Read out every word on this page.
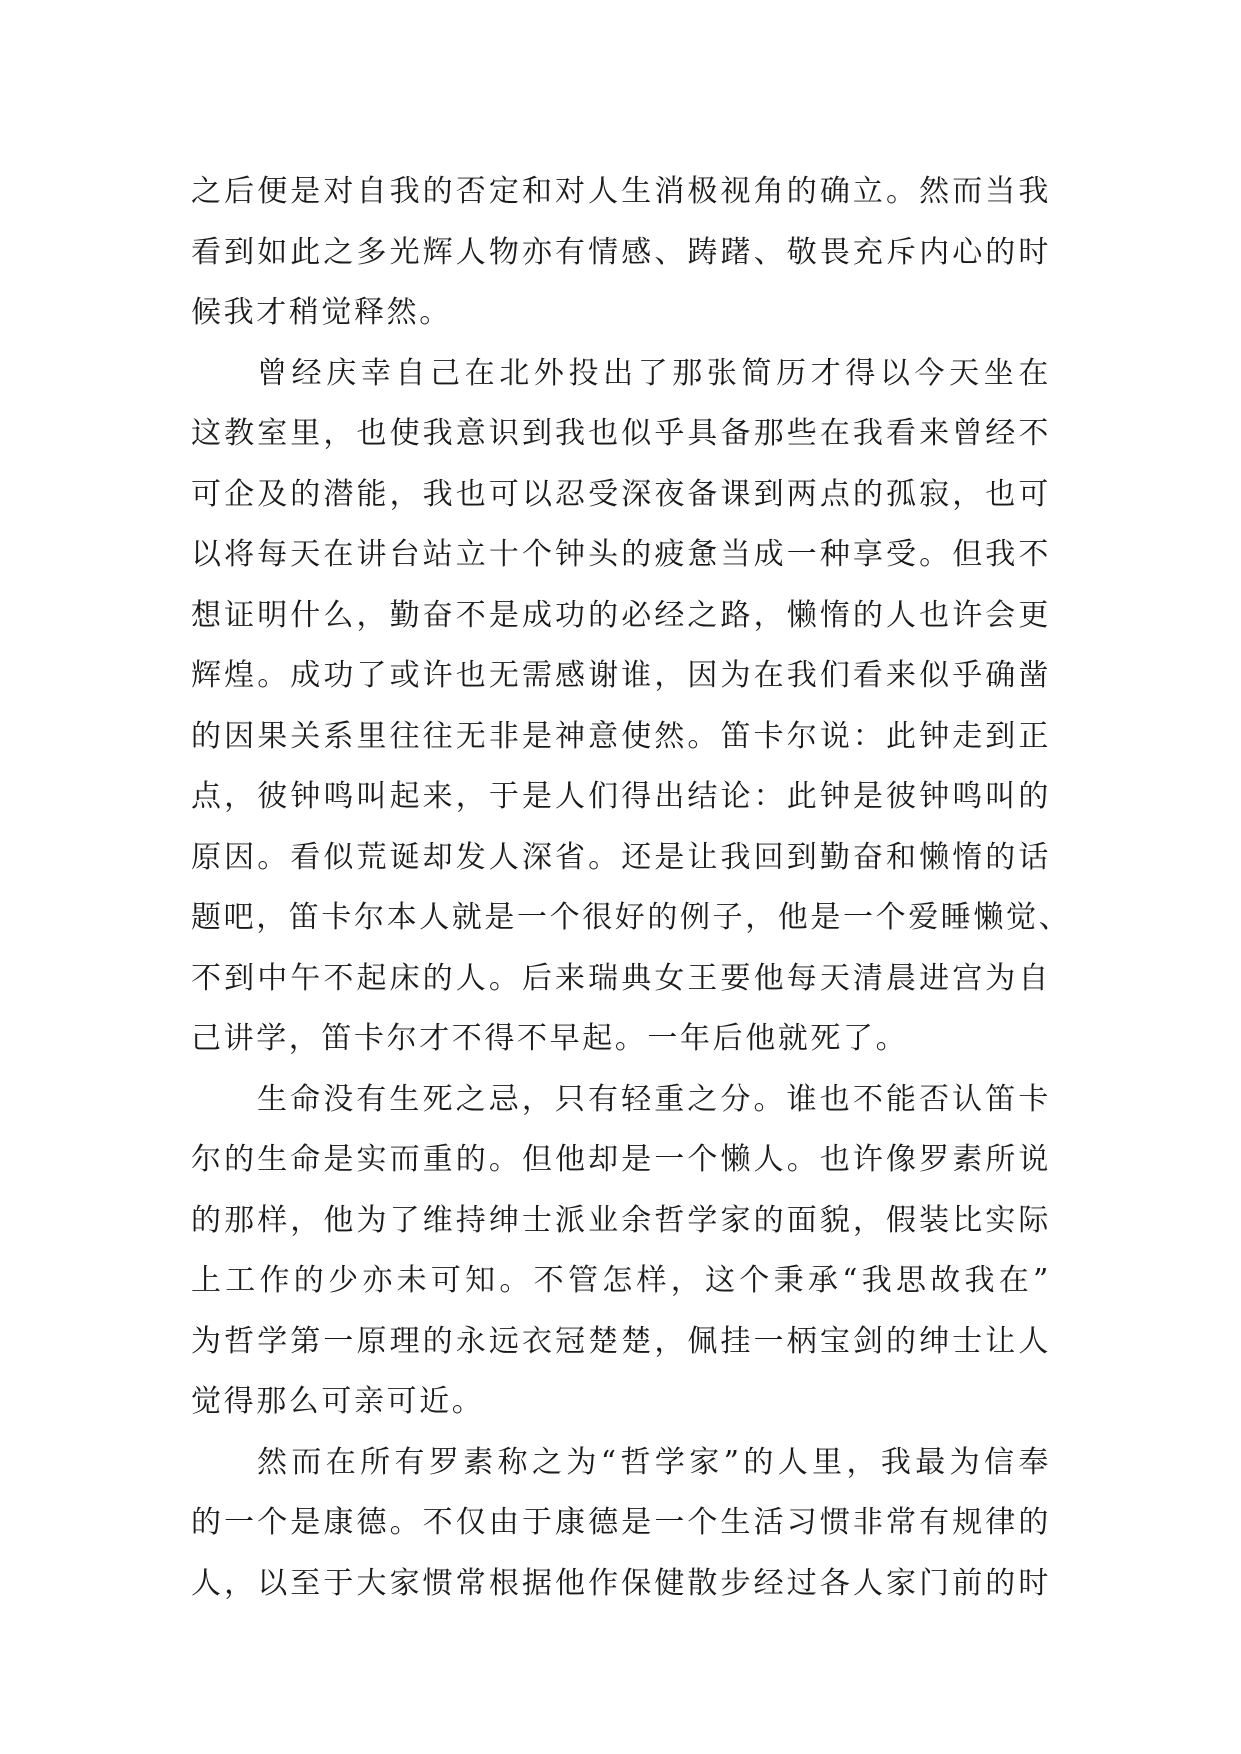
之后便是对自我的否定和对人生消极视角的确立。然而当我
看到如此之多光辉人物亦有情感、踌躇、敬畏充斥内心的时
候我才稍觉释然。

曾经庆幸自己在北外投出了那张简历才得以今天坐在
这教室里，也使我意识到我也似乎具备那些在我看来曾经不
可企及的潜能，我也可以忍受深夜备课到两点的孤寂，也可
以将每天在讲台站立十个钟头的疲惫当成一种享受。但我不
想证明什么，勤奋不是成功的必经之路，懒惰的人也许会更
辉煌。成功了或许也无需感谢谁，因为在我们看来似乎确凿
的因果关系里往往无非是神意使然。笛卡尔说：此钟走到正
点，彼钟鸣叫起来，于是人们得出结论：此钟是彼钟鸣叫的
原因。看似荒诞却发人深省。还是让我回到勤奋和懒惰的话
题吧，笛卡尔本人就是一个很好的例子，他是一个爱睡懒觉、
不到中午不起床的人。后来瑞典女王要他每天清晨进宫为自
己讲学，笛卡尔才不得不早起。一年后他就死了。

生命没有生死之忌，只有轻重之分。谁也不能否认笛卡
尔的生命是实而重的。但他却是一个懒人。也许像罗素所说
的那样，他为了维持绅士派业余哲学家的面貌，假装比实际
上工作的少亦未可知。不管怎样，这个秉承“我思故我在”
为哲学第一原理的永远衣冠楚楚，佩挂一柄宝剑的绅士让人
觉得那么可亲可近。

然而在所有罗素称之为“哲学家”的人里，我最为信奉
的一个是康德。不仅由于康德是一个生活习惯非常有规律的
人，以至于大家惯常根据他作保健散步经过各人家门前的时
